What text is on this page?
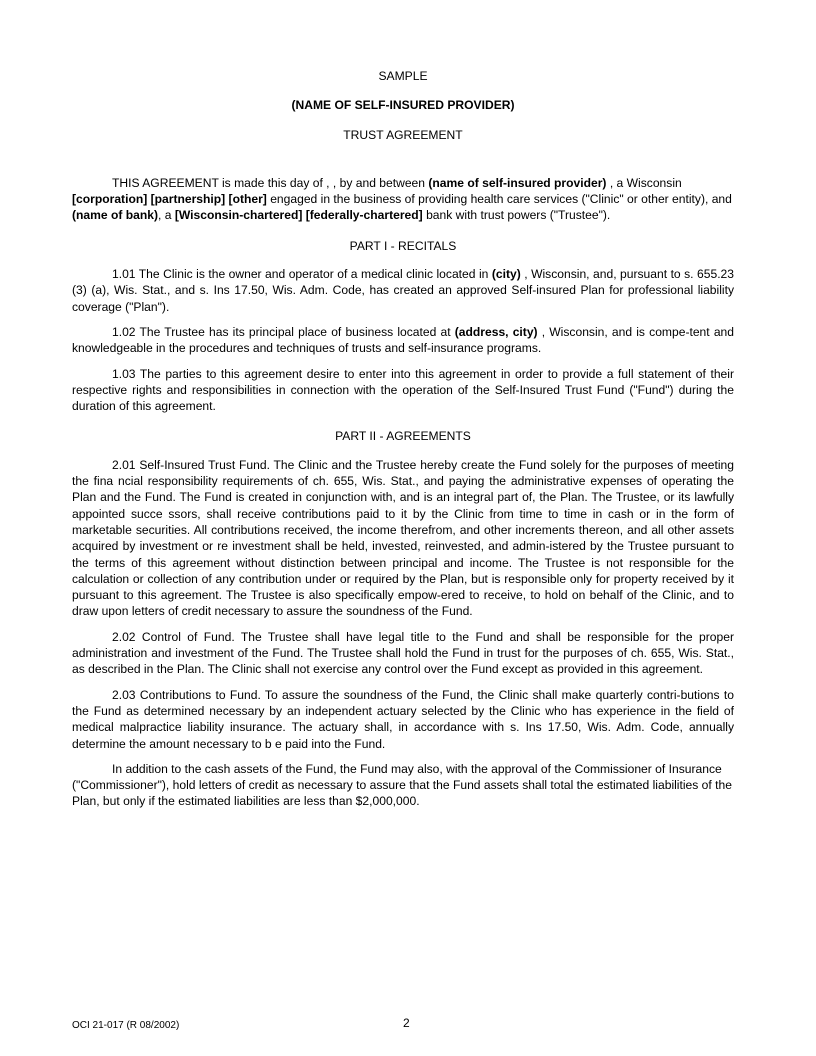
SAMPLE

(NAME OF SELF-INSURED PROVIDER)

TRUST AGREEMENT

THIS AGREEMENT is made this day of , , by and between (name of self-insured provider) , a Wisconsin [corporation] [partnership] [other] engaged in the business of providing health care services ("Clinic" or other entity), and (name of bank), a [Wisconsin-chartered] [federally-chartered] bank with trust powers ("Trustee").

PART I - RECITALS

1.01 The Clinic is the owner and operator of a medical clinic located in (city) , Wisconsin, and, pursuant to s. 655.23 (3) (a), Wis. Stat., and s. Ins 17.50, Wis. Adm. Code, has created an approved Self-insured Plan for professional liability coverage ("Plan").

1.02 The Trustee has its principal place of business located at (address, city) , Wisconsin, and is compe-tent and knowledgeable in the procedures and techniques of trusts and self-insurance programs.

1.03 The parties to this agreement desire to enter into this agreement in order to provide a full statement of their respective rights and responsibilities in connection with the operation of the Self-Insured Trust Fund ("Fund") during the duration of this agreement.

PART II - AGREEMENTS

2.01 Self-Insured Trust Fund. The Clinic and the Trustee hereby create the Fund solely for the purposes of meeting the fina ncial responsibility requirements of ch. 655, Wis. Stat., and paying the administrative expenses of operating the Plan and the Fund. The Fund is created in conjunction with, and is an integral part of, the Plan. The Trustee, or its lawfully appointed succe ssors, shall receive contributions paid to it by the Clinic from time to time in cash or in the form of marketable securities. All contributions received, the income therefrom, and other increments thereon, and all other assets acquired by investment or re investment shall be held, invested, reinvested, and admin-istered by the Trustee pursuant to the terms of this agreement without distinction between principal and income. The Trustee is not responsible for the calculation or collection of any contribution under or required by the Plan, but is responsible only for property received by it pursuant to this agreement. The Trustee is also specifically empow-ered to receive, to hold on behalf of the Clinic, and to draw upon letters of credit necessary to assure the soundness of the Fund.

2.02 Control of Fund. The Trustee shall have legal title to the Fund and shall be responsible for the proper administration and investment of the Fund. The Trustee shall hold the Fund in trust for the purposes of ch. 655, Wis. Stat., as described in the Plan. The Clinic shall not exercise any control over the Fund except as provided in this agreement.

2.03 Contributions to Fund. To assure the soundness of the Fund, the Clinic shall make quarterly contri-butions to the Fund as determined necessary by an independent actuary selected by the Clinic who has experience in the field of medical malpractice liability insurance. The actuary shall, in accordance with s. Ins 17.50, Wis. Adm. Code, annually determine the amount necessary to b e paid into the Fund.

In addition to the cash assets of the Fund, the Fund may also, with the approval of the Commissioner of Insurance ("Commissioner"), hold letters of credit as necessary to assure that the Fund assets shall total the estimated liabilities of the Plan, but only if the estimated liabilities are less than $2,000,000.

OCI 21-017 (R 08/2002)	2
